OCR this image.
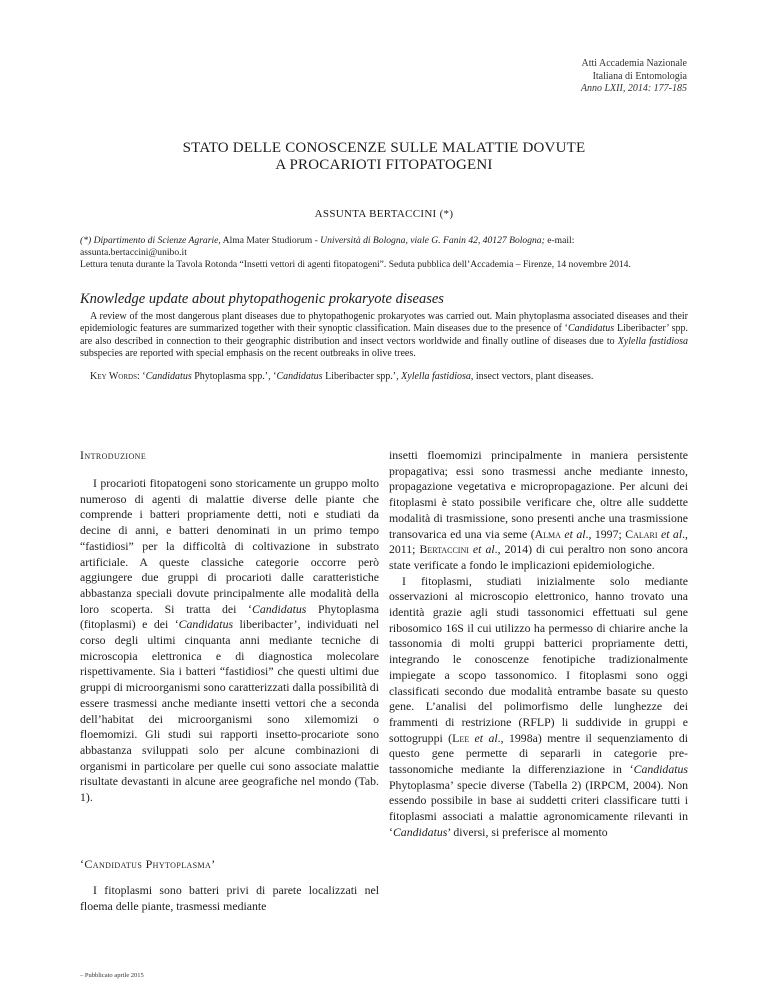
Atti Accademia Nazionale
Italiana di Entomologia
Anno LXII, 2014: 177-185
STATO DELLE CONOSCENZE SULLE MALATTIE DOVUTE
A PROCARIOTI FITOPATOGENI
ASSUNTA BERTACCINI (*)
(*) Dipartimento di Scienze Agrarie, Alma Mater Studiorum - Università di Bologna, viale G. Fanin 42, 40127 Bologna; e-mail:
assunta.bertaccini@unibo.it
Lettura tenuta durante la Tavola Rotonda “Insetti vettori di agenti fitopatogeni”. Seduta pubblica dell’Accademia – Firenze, 14 novembre 2014.
Knowledge update about phytopathogenic prokaryote diseases
A review of the most dangerous plant diseases due to phytopathogenic prokaryotes was carried out. Main phytoplasma associated diseases and their epidemiologic features are summarized together with their synoptic classification. Main diseases due to the presence of ‘Candidatus Liberibacter’ spp. are also described in connection to their geographic distribution and insect vectors worldwide and finally outline of diseases due to Xylella fastidiosa subspecies are reported with special emphasis on the recent outbreaks in olive trees.
Key Words: ‘Candidatus Phytoplasma spp.’, ‘Candidatus Liberibacter spp.’, Xylella fastidiosa, insect vectors, plant diseases.
Introduzione

I procarioti fitopatogeni sono storicamente un gruppo molto numeroso di agenti di malattie diverse delle piante che comprende i batteri propriamente detti, noti e studiati da decine di anni, e batteri denominati in un primo tempo “fastidiosi” per la difficoltà di coltivazione in substrato artificiale. A queste classiche categorie occorre però aggiungere due gruppi di procarioti dalle caratteristiche abbastanza speciali dovute principalmente alle modalità della loro scoperta. Si tratta dei ‘Candidatus Phytoplasma (fitoplasmi) e dei ‘Candidatus liberibacter’, individuati nel corso degli ultimi cinquanta anni mediante tecniche di microscopia elettronica e di diagnostica molecolare rispettivamente. Sia i batteri “fastidiosi” che questi ultimi due gruppi di microorganismi sono caratterizzati dalla possibilità di essere trasmessi anche mediante insetti vettori che a seconda dell’habitat dei microorganismi sono xilemomizi o floemomizi. Gli studi sui rapporti insetto-procariote sono abbastanza sviluppati solo per alcune combinazioni di organismi in particolare per quelle cui sono associate malattie risultate devastanti in alcune aree geografiche nel mondo (Tab. 1).

‘Candidatus Phytoplasma’

I fitoplasmi sono batteri privi di parete localizzati nel floema delle piante, trasmessi mediante

insetti floemomizi principalmente in maniera persistente propagativa; essi sono trasmessi anche mediante innesto, propagazione vegetativa e micropropagazione. Per alcuni dei fitoplasmi è stato possibile verificare che, oltre alle suddette modalità di trasmissione, sono presenti anche una trasmissione transovarica ed una via seme (Alma et al., 1997; Calari et al., 2011; Bertaccini et al., 2014) di cui peraltro non sono ancora state verificate a fondo le implicazioni epidemiologiche.

I fitoplasmi, studiati inizialmente solo mediante osservazioni al microscopio elettronico, hanno trovato una identità grazie agli studi tassonomici effettuati sul gene ribosomico 16S il cui utilizzo ha permesso di chiarire anche la tassonomia di molti gruppi batterici propriamente detti, integrando le conoscenze fenotipiche tradizionalmente impiegate a scopo tassonomico. I fitoplasmi sono oggi classificati secondo due modalità entrambe basate su questo gene. L’analisi del polimorfismo delle lunghezze dei frammenti di restrizione (RFLP) li suddivide in gruppi e sottogruppi (Lee et al., 1998a) mentre il sequenziamento di questo gene permette di separarli in categorie pre-tassonomiche mediante la differenziazione in ‘Candidatus Phytoplasma’ specie diverse (Tabella 2) (IRPCM, 2004). Non essendo possibile in base ai suddetti criteri classificare tutti i fitoplasmi associati a malattie agronomicamente rilevanti in ‘Candidatus’ diversi, si preferisce al momento

– Pubblicato aprile 2015
